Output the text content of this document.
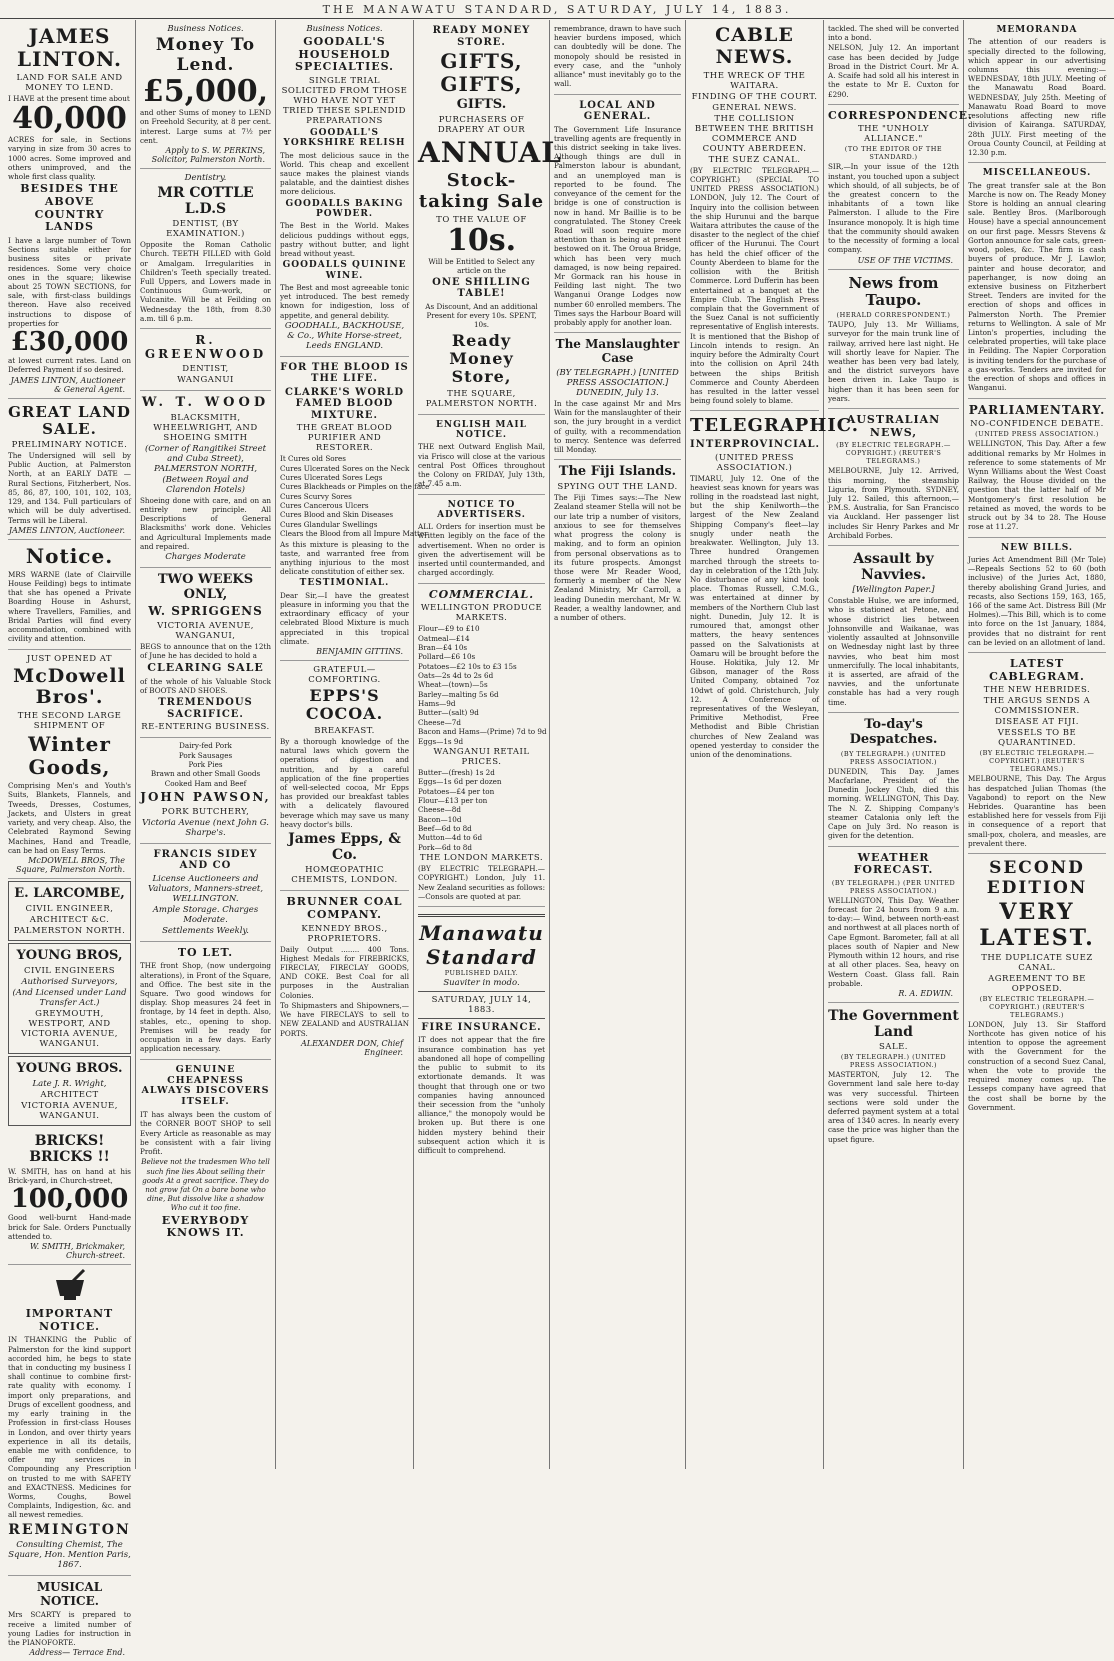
THE MANAWATU STANDARD, SATURDAY, JULY 14, 1883.
JAMES LINTON.
LAND FOR SALE AND MONEY TO LEND.
I HAVE at the present time about
40,000
ACRES for sale, in Sections varying in size from 30 acres to 1000 acres. Some improved and others unimproved, and the whole first class quality.
BESIDES THE ABOVE COUNTRY LANDS
I have a large number of Town Sections suitable either for business sites or private residences. Some very choice ones in the square; likewise about 25 TOWN SECTIONS, for sale, with first-class buildings thereon. Have also received instructions to dispose of properties for
£30,000
at lowest current rates. Land on Deferred Payment if so desired.
JAMES LINTON, Auctioneer & General Agent.
GREAT LAND SALE.
PRELIMINARY NOTICE.
The Undersigned will sell by Public Auction, at Palmerston North, at an EARLY DATE — Rural Sections, Fitzherbert, Nos. 85, 86, 87, 100, 101, 102, 103, 129, and 134. Full particulars of which will be duly advertised. Terms will be Liberal.
JAMES LINTON, Auctioneer.
Notice.
MRS WARNE (late of Clairville House Feilding) begs to intimate that she has opened a Private Boarding House in Ashurst, where Travellers, Families, and Bridal Parties will find every accommodation, combined with civility and attention.
JUST OPENED AT
McDowell Bros'.
THE SECOND LARGE SHIPMENT OF
Winter Goods,
Comprising Men's and Youth's Suits, Blankets, Flannels, and Tweeds, Dresses, Costumes, Jackets, and Ulsters in great variety, and very cheap. Also, the Celebrated Raymond Sewing Machines, Hand and Treadle, can be had on Easy Terms.
McDOWELL BROS, The Square, Palmerston North.
E. LARCOMBE,
CIVIL ENGINEER,
ARCHITECT &C.
PALMERSTON NORTH.
YOUNG BROS,
CIVIL ENGINEERS
Authorised Surveyors,
(And Licensed under Land Transfer Act.)
GREYMOUTH, WESTPORT, AND VICTORIA AVENUE, WANGANUI.
YOUNG BROS.
Late J. R. Wright,
ARCHITECT
VICTORIA AVENUE, WANGANUI.
BRICKS! BRICKS !!
W. SMITH, has on hand at his Brick-yard, in Church-street,
100,000
Good well-burnt Hand-made brick for Sale. Orders Punctually attended to.
W. SMITH, Brickmaker, Church-street.
IMPORTANT NOTICE.
IN THANKING the Public of Palmerston for the kind support accorded him, he begs to state that in conducting my business I shall continue to combine first-rate quality with economy. I import only preparations, and Drugs of excellent goodness, and my early training in the Profession in first-class Houses in London, and over thirty years experience in all its details, enable me with confidence, to offer my services in Compounding any Prescription on trusted to me with SAFETY and EXACTNESS. Medicines for Worms, Coughs, Bowel Complaints, Indigestion, &c. and all newest remedies.
REMINGTON
Consulting Chemist, The Square, Hon. Mention Paris, 1867.
MUSICAL NOTICE.
Mrs SCARTY is prepared to receive a limited number of young Ladies for instruction in the PIANOFORTE.
Address— Terrace End.
Business Notices.
Money To Lend.
£5,000,
and other Sums of money to LEND on Freehold Security, at 8 per cent. interest. Large sums at 7½ per cent.
Apply to S. W. PERKINS, Solicitor, Palmerston North.
Dentistry.
MR COTTLE L.D.S
DENTIST, (BY EXAMINATION.)
Opposite the Roman Catholic Church. TEETH FILLED with Gold or Amalgam. Irregularities in Children's Teeth specially treated. Full Uppers, and Lowers made in Continuous Gum-work, or Vulcanite. Will be at Feilding on Wednesday the 18th, from 8.30 a.m. till 6 p.m.
R. GREENWOOD
DENTIST,
WANGANUI
W. T. WOOD
BLACKSMITH, WHEELWRIGHT, AND SHOEING SMITH
(Corner of Rangitikei Street and Cuba Street), PALMERSTON NORTH,
(Between Royal and Clarendon Hotels)
Shoeing done with care, and on an entirely new principle. All Descriptions of General Blacksmiths' work done. Vehicles and Agricultural Implements made and repaired.
Charges Moderate
TWO WEEKS ONLY,
W. SPRIGGENS
VICTORIA AVENUE, WANGANUI,
BEGS to announce that on the 12th of June he has decided to hold a
CLEARING SALE
of the whole of his Valuable Stock of BOOTS AND SHOES.
TREMENDOUS SACRIFICE.
RE-ENTERING BUSINESS.
Dairy-fed Pork
Pork Sausages
Pork Pies
Brawn and other Small Goods
Cooked Ham and Beef
JOHN PAWSON,
PORK BUTCHERY,
Victoria Avenue (next John G. Sharpe's.
FRANCIS SIDEY AND CO
License Auctioneers and Valuators, Manners-street, WELLINGTON.
Ample Storage. Charges Moderate.
Settlements Weekly.
TO LET.
THE front Shop, (now undergoing alterations), in Front of the Square, and Office. The best site in the Square. Two good windows for display. Shop measures 24 feet in frontage, by 14 feet in depth. Also, stables, etc., opening to shop. Premises will be ready for occupation in a few days. Early application necessary.
GENUINE CHEAPNESS ALWAYS DISCOVERS ITSELF.
IT has always been the custom of the CORNER BOOT SHOP to sell Every Article as reasonable as may be consistent with a fair living Profit.
Believe not the tradesmen Who tell such fine lies About selling their goods At a great sacrifice. They do not grow fat On a bare bone who dine, But dissolve like a shadow Who cut it too fine.
EVERYBODY KNOWS IT.
Business Notices.
GOODALL'S HOUSEHOLD SPECIALTIES.
SINGLE TRIAL SOLICITED FROM THOSE WHO HAVE NOT YET TRIED THESE SPLENDID PREPARATIONS
GOODALL'S YORKSHIRE RELISH
The most delicious sauce in the World. This cheap and excellent sauce makes the plainest viands palatable, and the daintiest dishes more delicious.
GOODALLS BAKING POWDER.
The Best in the World. Makes delicious puddings without eggs, pastry without butter, and light bread without yeast.
GOODALLS QUININE WINE.
The Best and most agreeable tonic yet introduced. The best remedy known for indigestion, loss of appetite, and general debility.
GOODHALL, BACKHOUSE, & Co., White Horse-street, Leeds ENGLAND.
FOR THE BLOOD IS THE LIFE.
CLARKE'S WORLD FAMED BLOOD MIXTURE.
THE GREAT BLOOD PURIFIER AND RESTORER.
It Cures old Sores
Cures Ulcerated Sores on the Neck
Cures Ulcerated Sores Legs
Cures Blackheads or Pimples on the face
Cures Scurvy Sores
Cures Cancerous Ulcers
Cures Blood and Skin Diseases
Cures Glandular Swellings
Clears the Blood from all Impure Matter
As this mixture is pleasing to the taste, and warranted free from anything injurious to the most delicate constitution of either sex.
TESTIMONIAL.
Dear Sir,—I have the greatest pleasure in informing you that the extraordinary efficacy of your celebrated Blood Mixture is much appreciated in this tropical climate.
BENJAMIN GITTINS.
GRATEFUL—COMFORTING.
EPPS'S COCOA.
BREAKFAST.
By a thorough knowledge of the natural laws which govern the operations of digestion and nutrition, and by a careful application of the fine properties of well-selected cocoa, Mr Epps has provided our breakfast tables with a delicately flavoured beverage which may save us many heavy doctor's bills.
James Epps, & Co.
HOMŒOPATHIC CHEMISTS, LONDON.
BRUNNER COAL COMPANY.
KENNEDY BROS., PROPRIETORS.
Daily Output ........ 400 Tons. Highest Medals for FIREBRICKS, FIRECLAY, FIRECLAY GOODS, AND COKE. Best Coal for all purposes in the Australian Colonies.
To Shipmasters and Shipowners,— We have FIRECLAYS to sell to NEW ZEALAND and AUSTRALIAN PORTS.
ALEXANDER DON, Chief Engineer.
READY MONEY STORE.
GIFTS, GIFTS,
GIFTS.
PURCHASERS OF DRAPERY AT OUR
ANNUAL
Stock-taking Sale
TO THE VALUE OF
10s.
Will be Entitled to Select any article on the
ONE SHILLING TABLE!
As Discount, And an additional Present for every 10s. SPENT, 10s.
Ready Money Store,
THE SQUARE, PALMERSTON NORTH.
ENGLISH MAIL NOTICE.
THE next Outward English Mail, via Frisco will close at the various central Post Offices throughout the Colony on FRIDAY, July 13th, at 7.45 a.m.
NOTICE TO ADVERTISERS.
ALL Orders for insertion must be written legibly on the face of the advertisement. When no order is given the advertisement will be inserted until countermanded, and charged accordingly.
COMMERCIAL.
WELLINGTON PRODUCE MARKETS.
Flour—£9 to £10
Oatmeal—£14
Bran—£4 10s
Pollard—£6 10s
Potatoes—£2 10s to £3 15s
Oats—2s 4d to 2s 6d
Wheat—(town)—5s
Barley—malting 5s 6d
Hams—9d
Butter—(salt) 9d
Cheese—7d
Bacon and Hams—(Prime) 7d to 9d
Eggs—1s 9d
WANGANUI RETAIL PRICES.
Butter—(fresh) 1s 2d
Eggs—1s 6d per dozen
Potatoes—£4 per ton
Flour—£13 per ton
Cheese—8d
Bacon—10d
Beef—6d to 8d
Mutton—4d to 6d
Pork—6d to 8d
THE LONDON MARKETS.
(BY ELECTRIC TELEGRAPH.—COPYRIGHT.) London, July 11. New Zealand securities as follows:—Consols are quoted at par.
Manawatu Standard
PUBLISHED DAILY.
Suaviter in modo.
SATURDAY, JULY 14, 1883.
FIRE INSURANCE.
IT does not appear that the fire insurance combination has yet abandoned all hope of compelling the public to submit to its extortionate demands. It was thought that through one or two companies having announced their secession from the "unholy alliance," the monopoly would be broken up. But there is one hidden mystery behind their subsequent action which it is difficult to comprehend.
remembrance, drawn to have such heavier burdens imposed, which can doubtedly will be done. The monopoly should be resisted in every case, and the "unholy alliance" must inevitably go to the wall.
LOCAL AND GENERAL.
The Government Life Insurance travelling agents are frequently in this district seeking in take lives. Although things are dull in Palmerston labour is abundant, and an unemployed man is reported to be found. The conveyance of the cement for the bridge is one of construction is now in hand. Mr Baillie is to be congratulated. The Stoney Creek Road will soon require more attention than is being at present bestowed on it. The Oroua Bridge, which has been very much damaged, is now being repaired. Mr Gormack ran his house in Feilding last night. The two Wanganui Orange Lodges now number 60 enrolled members. The Times says the Harbour Board will probably apply for another loan.
The Manslaughter Case
(BY TELEGRAPH.) [UNITED PRESS ASSOCIATION.] DUNEDIN, July 13.
In the case against Mr and Mrs Wain for the manslaughter of their son, the jury brought in a verdict of guilty, with a recommendation to mercy. Sentence was deferred till Monday.
The Fiji Islands.
SPYING OUT THE LAND.
The Fiji Times says:—The New Zealand steamer Stella will not be our late trip a number of visitors, anxious to see for themselves what progress the colony is making, and to form an opinion from personal observations as to its future prospects. Amongst those were Mr Reader Wood, formerly a member of the New Zealand Ministry, Mr Carroll, a leading Dunedin merchant, Mr W. Reader, a wealthy landowner, and a number of others.
CABLE NEWS.
THE WRECK OF THE WAITARA.
FINDING OF THE COURT.
GENERAL NEWS.
THE COLLISION BETWEEN THE BRITISH COMMERCE AND COUNTY ABERDEEN.
THE SUEZ CANAL.
(BY ELECTRIC TELEGRAPH.—COPYRIGHT.) (SPECIAL TO UNITED PRESS ASSOCIATION.) LONDON, July 12. The Court of Inquiry into the collision between the ship Hurunui and the barque Waitara attributes the cause of the disaster to the neglect of the chief officer of the Hurunui. The Court has held the chief officer of the County Aberdeen to blame for the collision with the British Commerce. Lord Dufferin has been entertained at a banquet at the Empire Club. The English Press complain that the Government of the Suez Canal is not sufficiently representative of English interests. It is mentioned that the Bishop of Lincoln intends to resign. An inquiry before the Admiralty Court into the collision on April 24th between the ships British Commerce and County Aberdeen has resulted in the latter vessel being found solely to blame.
TELEGRAPHIC.
INTERPROVINCIAL.
(UNITED PRESS ASSOCIATION.)
TIMARU, July 12. One of the heaviest seas known for years was rolling in the roadstead last night, but the ship Kenilworth—the largest of the New Zealand Shipping Company's fleet—lay snugly under neath the breakwater. Wellington, July 13. Three hundred Orangemen marched through the streets to-day in celebration of the 12th July. No disturbance of any kind took place. Thomas Russell, C.M.G., was entertained at dinner by members of the Northern Club last night. Dunedin, July 12. It is rumoured that, amongst other matters, the heavy sentences passed on the Salvationists at Oamaru will be brought before the House. Hokitika, July 12. Mr Gibson, manager of the Ross United Company, obtained 7oz 10dwt of gold. Christchurch, July 12. A Conference of representatives of the Wesleyan, Primitive Methodist, Free Methodist and Bible Christian churches of New Zealand was opened yesterday to consider the union of the denominations.
tackled. The shed will be converted into a bond.
NELSON, July 12. An important case has been decided by Judge Broad in the District Court. Mr A. A. Scaife had sold all his interest in the estate to Mr E. Cuxton for £290.
CORRESPONDENCE.
THE "UNHOLY ALLIANCE."
(TO THE EDITOR OF THE STANDARD.)
SIR,—In your issue of the 12th instant, you touched upon a subject which should, of all subjects, be of the greatest concern to the inhabitants of a town like Palmerston. I allude to the Fire Insurance monopoly. It is high time that the community should awaken to the necessity of forming a local company.
USE OF THE VICTIMS.
News from Taupo.
(HERALD CORRESPONDENT.)
TAUPO, July 13. Mr Williams, surveyor for the main trunk line of railway, arrived here last night. He will shortly leave for Napier. The weather has been very bad lately, and the district surveyors have been driven in. Lake Taupo is higher than it has been seen for years.
AUSTRALIAN NEWS,
(BY ELECTRIC TELEGRAPH.—COPYRIGHT.) (REUTER'S TELEGRAMS.)
MELBOURNE, July 12. Arrived, this morning, the steamship Liguria, from Plymouth. SYDNEY, July 12. Sailed, this afternoon,—P.M.S. Australia, for San Francisco via Auckland. Her passenger list includes Sir Henry Parkes and Mr Archibald Forbes.
Assault by Navvies.
[Wellington Paper.]
Constable Hulse, we are informed, who is stationed at Petone, and whose district lies between Johnsonville and Waikanae, was violently assaulted at Johnsonville on Wednesday night last by three navvies, who beat him most unmercifully. The local inhabitants, it is asserted, are afraid of the navvies, and the unfortunate constable has had a very rough time.
To-day's Despatches.
(BY TELEGRAPH.) (UNITED PRESS ASSOCIATION.)
DUNEDIN, This Day. James Macfarlane, President of the Dunedin Jockey Club, died this morning. WELLINGTON, This Day. The N. Z. Shipping Company's steamer Catalonia only left the Cape on July 3rd. No reason is given for the detention.
WEATHER FORECAST.
(BY TELEGRAPH.) (PER UNITED PRESS ASSOCIATION.)
WELLINGTON, This Day. Weather forecast for 24 hours from 9 a.m. to-day:— Wind, between north-east and northwest at all places north of Cape Egmont. Barometer, fall at all places south of Napier and New Plymouth within 12 hours, and rise at all other places. Sea, heavy on Western Coast. Glass fall. Rain probable.
R. A. EDWIN.
The Government Land
SALE.
(BY TELEGRAPH.) (UNITED PRESS ASSOCIATION.)
MASTERTON, July 12. The Government land sale here to-day was very successful. Thirteen sections were sold under the deferred payment system at a total area of 1340 acres. In nearly every case the price was higher than the upset figure.
MEMORANDA
The attention of our readers is specially directed to the following, which appear in our advertising columns this evening:— WEDNESDAY, 18th JULY. Meeting of the Manawatu Road Board. WEDNESDAY, July 25th. Meeting of Manawatu Road Board to move resolutions affecting new rifle division of Kairanga. SATURDAY, 28th JULY. First meeting of the Oroua County Council, at Feilding at 12.30 p.m.
MISCELLANEOUS.
The great transfer sale at the Bon Marche is now on. The Ready Money Store is holding an annual clearing sale. Bentley Bros. (Marlborough House) have a special announcement on our first page. Messrs Stevens & Gorton announce for sale cats, green-wood, poles, &c. The firm is cash buyers of produce. Mr J. Lawlor, painter and house decorator, and paperhanger, is now doing an extensive business on Fitzherbert Street. Tenders are invited for the erection of shops and offices in Palmerston North. The Premier returns to Wellington. A sale of Mr Linton's properties, including the celebrated properties, will take place in Feilding. The Napier Corporation is inviting tenders for the purchase of a gas-works. Tenders are invited for the erection of shops and offices in Wanganui.
PARLIAMENTARY.
NO-CONFIDENCE DEBATE.
(UNITED PRESS ASSOCIATION.)
WELLINGTON, This Day. After a few additional remarks by Mr Holmes in reference to some statements of Mr Wynn Williams about the West Coast Railway, the House divided on the question that the latter half of Mr Montgomery's first resolution be retained as moved, the words to be struck out by 34 to 28. The House rose at 11.27.
NEW BILLS.
Juries Act Amendment Bill (Mr Tole)—Repeals Sections 52 to 60 (both inclusive) of the Juries Act, 1880, thereby abolishing Grand Juries, and recasts, also Sections 159, 163, 165, 166 of the same Act. Distress Bill (Mr Holmes).—This Bill, which is to come into force on the 1st January, 1884, provides that no distraint for rent can be levied on an allotment of land.
LATEST CABLEGRAM.
THE NEW HEBRIDES.
THE ARGUS SENDS A COMMISSIONER.
DISEASE AT FIJI.
VESSELS TO BE QUARANTINED.
(BY ELECTRIC TELEGRAPH.—COPYRIGHT.) (REUTER'S TELEGRAMS.)
MELBOURNE, This Day. The Argus has despatched Julian Thomas (the Vagabond) to report on the New Hebrides. Quarantine has been established here for vessels from Fiji in consequence of a report that small-pox, cholera, and measles, are prevalent there.
SECOND EDITION
VERY LATEST.
THE DUPLICATE SUEZ CANAL.
AGREEMENT TO BE OPPOSED.
(BY ELECTRIC TELEGRAPH.—COPYRIGHT.) (REUTER'S TELEGRAMS.)
LONDON, July 13. Sir Stafford Northcote has given notice of his intention to oppose the agreement with the Government for the construction of a second Suez Canal, when the vote to provide the required money comes up. The Lesseps company have agreed that the cost shall be borne by the Government.
